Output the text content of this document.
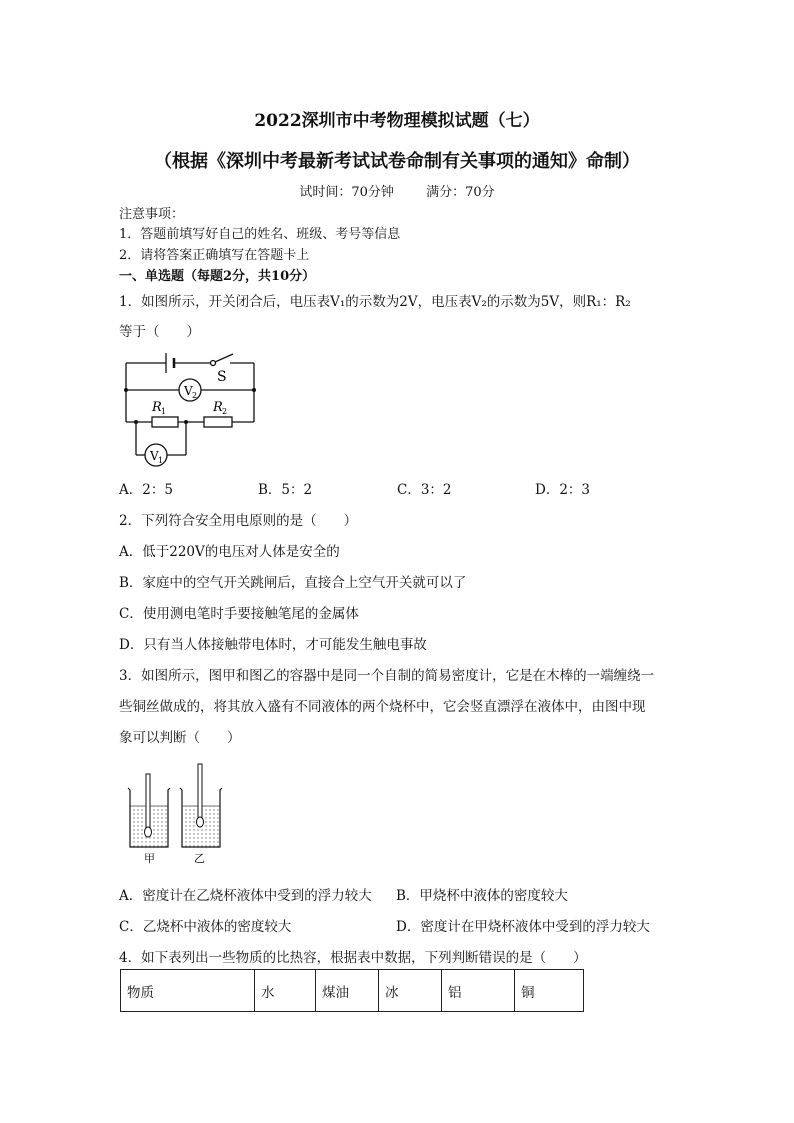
2022深圳市中考物理模拟试题（七）
（根据《深圳中考最新考试试卷命制有关事项的通知》命制）
试时间：70分钟 满分：70分
注意事项：
1．答题前填写好自己的姓名、班级、考号等信息
2．请将答案正确填写在答题卡上
一、单选题（每题2分，共10分）
1．如图所示，开关闭合后，电压表V₁的示数为2V，电压表V₂的示数为5V，则R₁：R₂
等于（　　）
S
V 2
R 1	R 2
V 1
A．2：5	B．5：2	C．3：2	D．2：3
2．下列符合安全用电原则的是（　　）
A．低于220V的电压对人体是安全的
B．家庭中的空气开关跳闸后，直接合上空气开关就可以了
C．使用测电笔时手要接触笔尾的金属体
D．只有当人体接触带电体时，才可能发生触电事故
3．如图所示，图甲和图乙的容器中是同一个自制的简易密度计，它是在木棒的一端缠绕一
些铜丝做成的，将其放入盛有不同液体的两个烧杯中，它会竖直漂浮在液体中，由图中现
象可以判断（　　）
甲	乙
A．密度计在乙烧杯液体中受到的浮力较大 B．甲烧杯中液体的密度较大
C．乙烧杯中液体的密度较大	D．密度计在甲烧杯液体中受到的浮力较大
4．如下表列出一些物质的比热容，根据表中数据，下列判断错误的是（　　）
物质	水	煤油	冰	铝	铜
